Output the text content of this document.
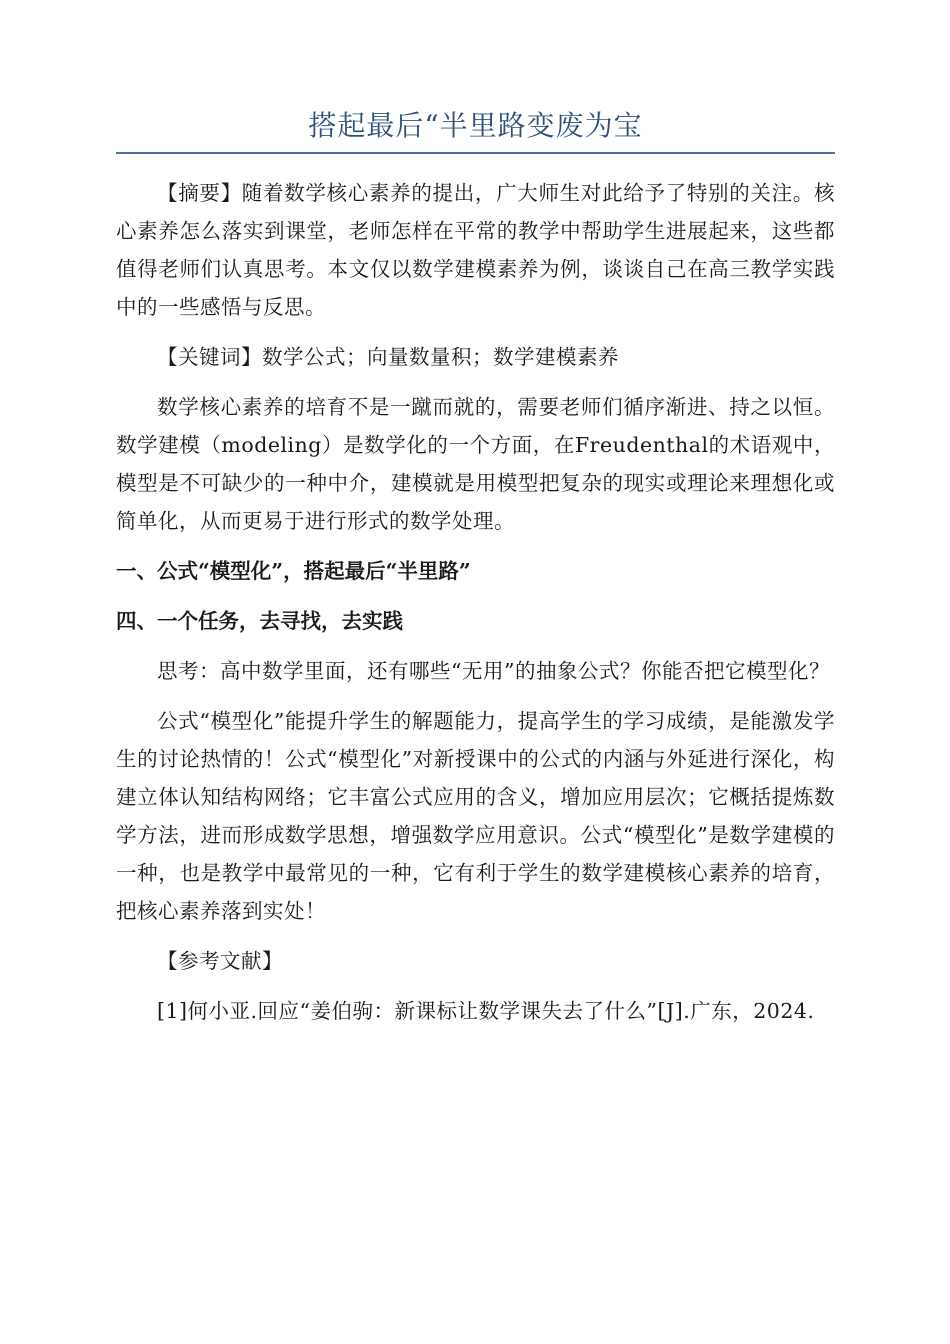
搭起最后“半里路变废为宝

【摘要】随着数学核心素养的提出，广大师生对此给予了特别的关注。核心素养怎么落实到课堂，老师怎样在平常的教学中帮助学生进展起来，这些都值得老师们认真思考。本文仅以数学建模素养为例，谈谈自己在高三教学实践中的一些感悟与反思。

【关键词】数学公式；向量数量积；数学建模素养

数学核心素养的培育不是一蹴而就的，需要老师们循序渐进、持之以恒。数学建模（modeling）是数学化的一个方面，在Freudenthal的术语观中，模型是不可缺少的一种中介，建模就是用模型把复杂的现实或理论来理想化或简单化，从而更易于进行形式的数学处理。

一、公式“模型化”，搭起最后“半里路”

四、一个任务，去寻找，去实践

思考：高中数学里面，还有哪些“无用”的抽象公式？你能否把它模型化？

公式“模型化”能提升学生的解题能力，提高学生的学习成绩，是能激发学生的讨论热情的！公式“模型化”对新授课中的公式的内涵与外延进行深化，构建立体认知结构网络；它丰富公式应用的含义，增加应用层次；它概括提炼数学方法，进而形成数学思想，增强数学应用意识。公式“模型化”是数学建模的一种，也是教学中最常见的一种，它有利于学生的数学建模核心素养的培育，把核心素养落到实处！

【参考文献】

[1]何小亚.回应“姜伯驹：新课标让数学课失去了什么”[J].广东，2024.
